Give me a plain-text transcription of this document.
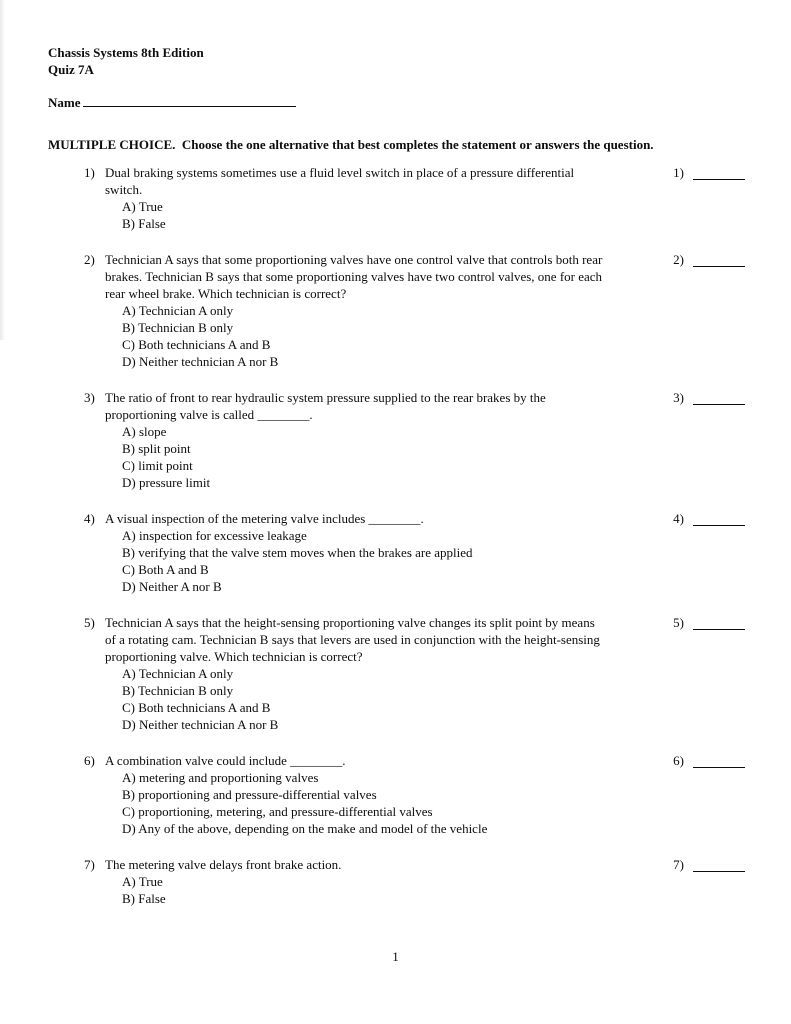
Chassis Systems 8th Edition
Quiz 7A
Name
MULTIPLE CHOICE.  Choose the one alternative that best completes the statement or answers the question.
1) Dual braking systems sometimes use a fluid level switch in place of a pressure differential
switch.
A) True
B) False
1)
2) Technician A says that some proportioning valves have one control valve that controls both rear
brakes. Technician B says that some proportioning valves have two control valves, one for each
rear wheel brake. Which technician is correct?
A) Technician A only
B) Technician B only
C) Both technicians A and B
D) Neither technician A nor B
2)
3) The ratio of front to rear hydraulic system pressure supplied to the rear brakes by the
proportioning valve is called ________.
A) slope
B) split point
C) limit point
D) pressure limit
3)
4) A visual inspection of the metering valve includes ________.
A) inspection for excessive leakage
B) verifying that the valve stem moves when the brakes are applied
C) Both A and B
D) Neither A nor B
4)
5) Technician A says that the height-sensing proportioning valve changes its split point by means
of a rotating cam. Technician B says that levers are used in conjunction with the height-sensing
proportioning valve. Which technician is correct?
A) Technician A only
B) Technician B only
C) Both technicians A and B
D) Neither technician A nor B
5)
6) A combination valve could include ________.
A) metering and proportioning valves
B) proportioning and pressure-differential valves
C) proportioning, metering, and pressure-differential valves
D) Any of the above, depending on the make and model of the vehicle
6)
7) The metering valve delays front brake action.
A) True
B) False
7)
1
